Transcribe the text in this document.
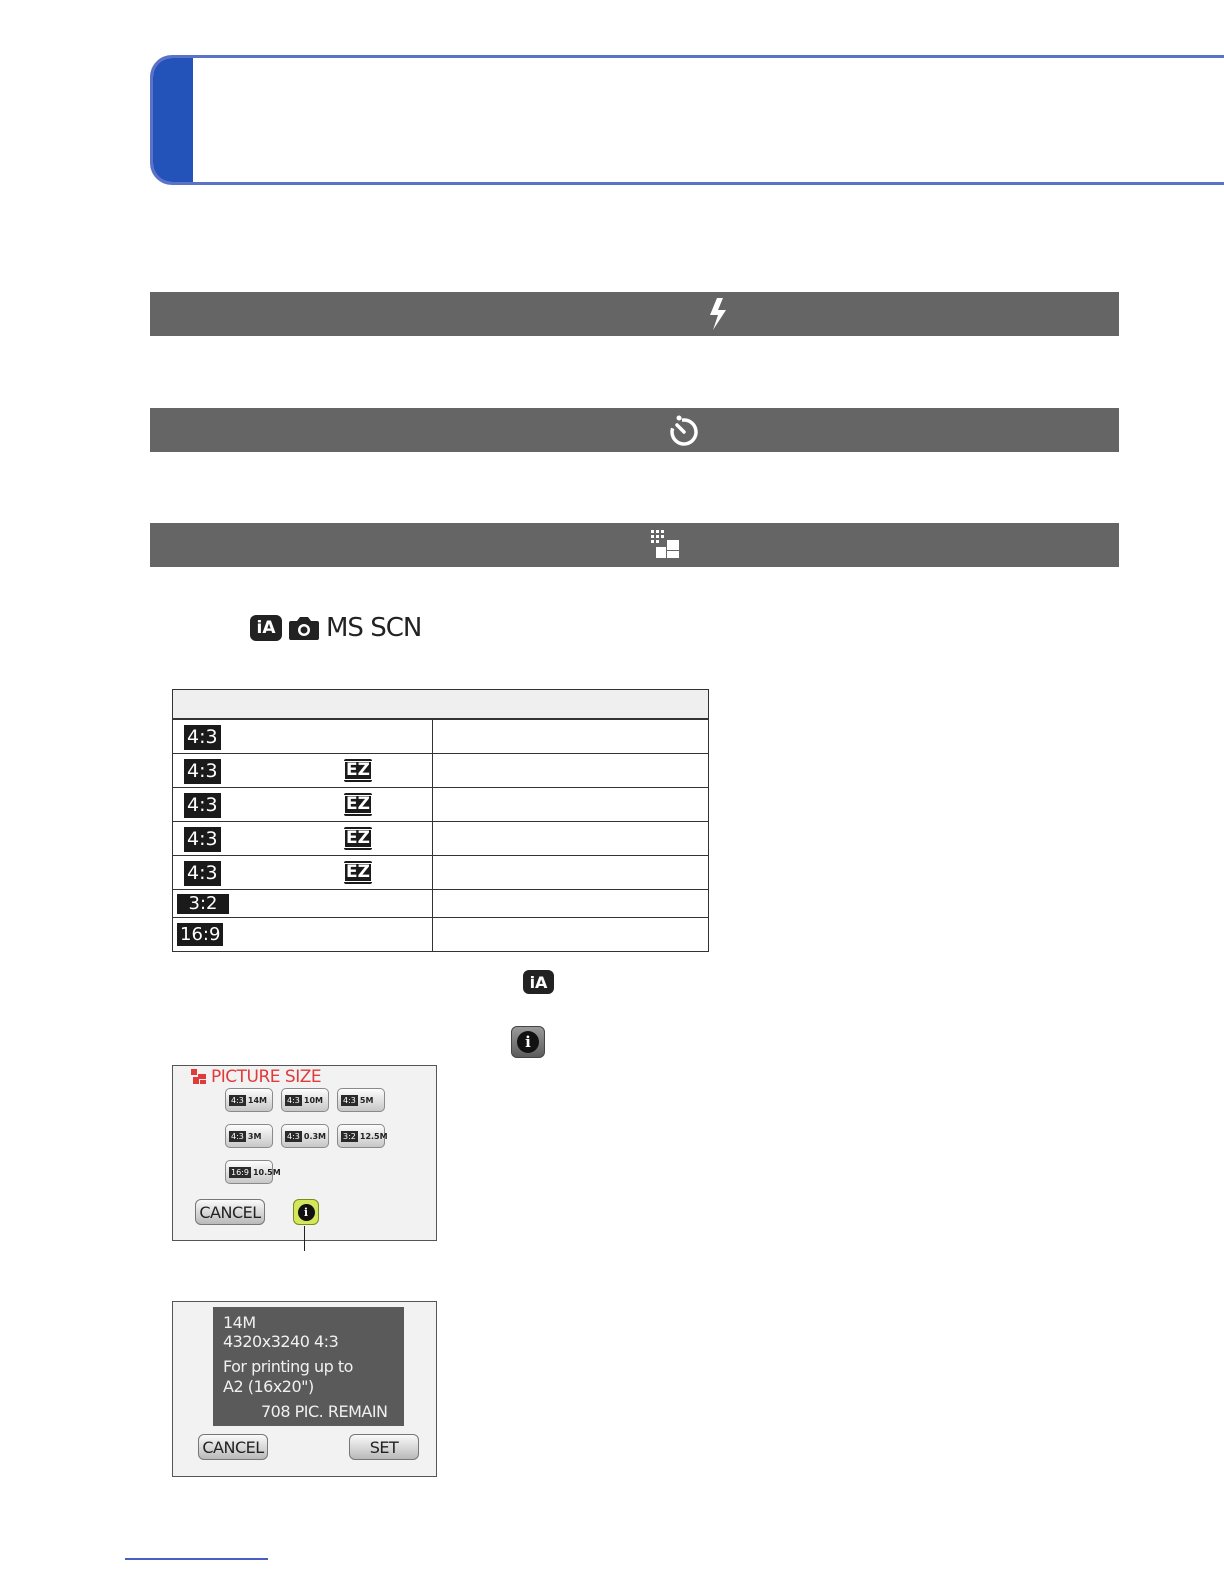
iA MS SCN
4:3
4:3	EZ
4:3	EZ
4:3	EZ
4:3	EZ
3:2
16:9
iA
i
PICTURE SIZE
4:3 14M	4:3 10M	4:3 5M
4:3 3M	4:3 0.3M 3:2 12.5M
16:9 10.5M
CANCEL	i
14M
4320x3240 4:3
For printing up to
A2 (16x20")
708 PIC. REMAIN
CANCEL	SET
